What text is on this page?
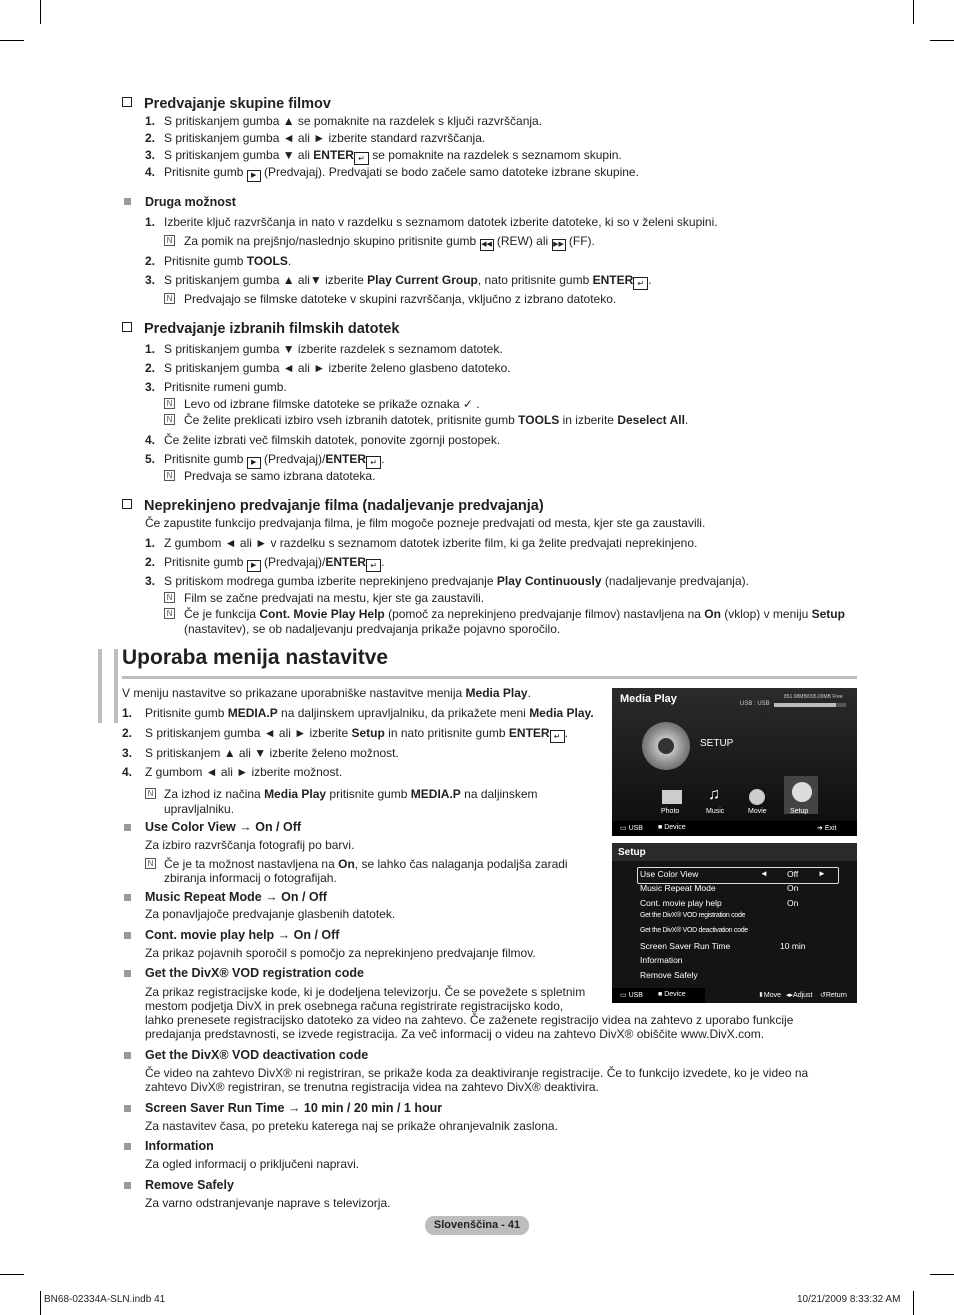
Predvajanje skupine filmov
1. S pritiskanjem gumba ▲ se pomaknite na razdelek s ključi razvrščanja.
2. S pritiskanjem gumba ◄ ali ► izberite standard razvrščanja.
3. S pritiskanjem gumba ▼ ali ENTER ↵ se pomaknite na razdelek s seznamom skupin.
4. Pritisnite gumb ▶ (Predvajaj). Predvajati se bodo začele samo datoteke izbrane skupine.
Druga možnost
1. Izberite ključ razvrščanja in nato v razdelku s seznamom datotek izberite datoteke, ki so v želeni skupini.
N Za pomik na prejšnjo/naslednjo skupino pritisnite gumb ◀◀ (REW) ali ▶▶ (FF).
2. Pritisnite gumb TOOLS.
3. S pritiskanjem gumba ▲ ali▼ izberite Play Current Group, nato pritisnite gumb ENTER ↵ .
N Predvajajo se filmske datoteke v skupini razvrščanja, vključno z izbrano datoteko.
Predvajanje izbranih filmskih datotek
1. S pritiskanjem gumba ▼ izberite razdelek s seznamom datotek.
2. S pritiskanjem gumba ◄ ali ► izberite želeno glasbeno datoteko.
3. Pritisnite rumeni gumb.
N Levo od izbrane filmske datoteke se prikaže oznaka ✓ .
N Če želite preklicati izbiro vseh izbranih datotek, pritisnite gumb TOOLS in izberite Deselect All.
4. Če želite izbrati več filmskih datotek, ponovite zgornji postopek.
5. Pritisnite gumb ▶ (Predvajaj)/ENTER ↵ .
N Predvaja se samo izbrana datoteka.
Neprekinjeno predvajanje filma (nadaljevanje predvajanja)
Če zapustite funkcijo predvajanja filma, je film mogoče pozneje predvajati od mesta, kjer ste ga zaustavili.
1. Z gumbom ◄ ali ► v razdelku s seznamom datotek izberite film, ki ga želite predvajati neprekinjeno.
2. Pritisnite gumb ▶ (Predvajaj)/ENTER ↵ .
3. S pritiskom modrega gumba izberite neprekinjeno predvajanje Play Continuously (nadaljevanje predvajanja).
N Film se začne predvajati na mestu, kjer ste ga zaustavili.
N Če je funkcija Cont. Movie Play Help (pomoč za neprekinjeno predvajanje filmov) nastavljena na On (vklop) v meniju Setup
(nastavitev), se ob nadaljevanju predvajanja prikaže pojavno sporočilo.
Uporaba menija nastavitve
V meniju nastavitve so prikazane uporabniške nastavitve menija Media Play.
1. Pritisnite gumb MEDIA.P na daljinskem upravljalniku, da prikažete meni Media Play.
2. S pritiskanjem gumba ◄ ali ► izberite Setup in nato pritisnite gumb ENTER ↵ .
3. S pritiskanjem ▲ ali ▼ izberite želeno možnost.
4. Z gumbom ◄ ali ► izberite možnost.
N Za izhod iz načina Media Play pritisnite gumb MEDIA.P na daljinskem
upravljalniku.
Use Color View → On / Off
Za izbiro razvrščanja fotografij po barvi.
N Če je ta možnost nastavljena na On, se lahko čas nalaganja podaljša zaradi
zbiranja informacij o fotografijah.
Music Repeat Mode → On / Off
Za ponavljajoče predvajanje glasbenih datotek.
Cont. movie play help → On / Off
Za prikaz pojavnih sporočil s pomočjo za neprekinjeno predvajanje filmov.
Get the DivX® VOD registration code
Za prikaz registracijske kode, ki je dodeljena televizorju. Če se povežete s spletnim
mestom podjetja DivX in prek osebnega računa registrirate registracijsko kodo,
lahko prenesete registracijsko datoteko za video na zahtevo. Če zaženete registracijo videa na zahtevo z uporabo funkcije
predajanja predstavnosti, se izvede registracija. Za več informacij o videu na zahtevo DivX® obiščite www.DivX.com.
Get the DivX® VOD deactivation code
Če video na zahtevo DivX® ni registriran, se prikaže koda za deaktiviranje registracije. Če to funkcijo izvedete, ko je video na
zahtevo DivX® registriran, se trenutna registracija videa na zahtevo DivX® deaktivira.
Screen Saver Run Time → 10 min / 20 min / 1 hour
Za nastavitev časa, po preteku katerega naj se prikaže ohranjevalnik zaslona.
Information
Za ogled informacij o priključeni napravi.
Remove Safely
Za varno odstranjevanje naprave s televizorja.
Media Play	851.98MB/995.00MB Free
USB : USB
SETUP
♫
Photo	Music	Movie	Setup
▭ USB ■ Device	➜ Exit
Setup
Use Color View	Off
◄	►
Music Repeat Mode	On
Cont. movie play help	On
Get the DivX® VOD registration code
Get the DivX® VOD deactivation code
Screen Saver Run Time	10 min
Information
Remove Safely
▭ USB ■ Device	⬍Move ◂▸Adjust ↺Return
Slovenščina - 41
BN68-02334A-SLN.indb 41	10/21/2009 8:33:32 AM
